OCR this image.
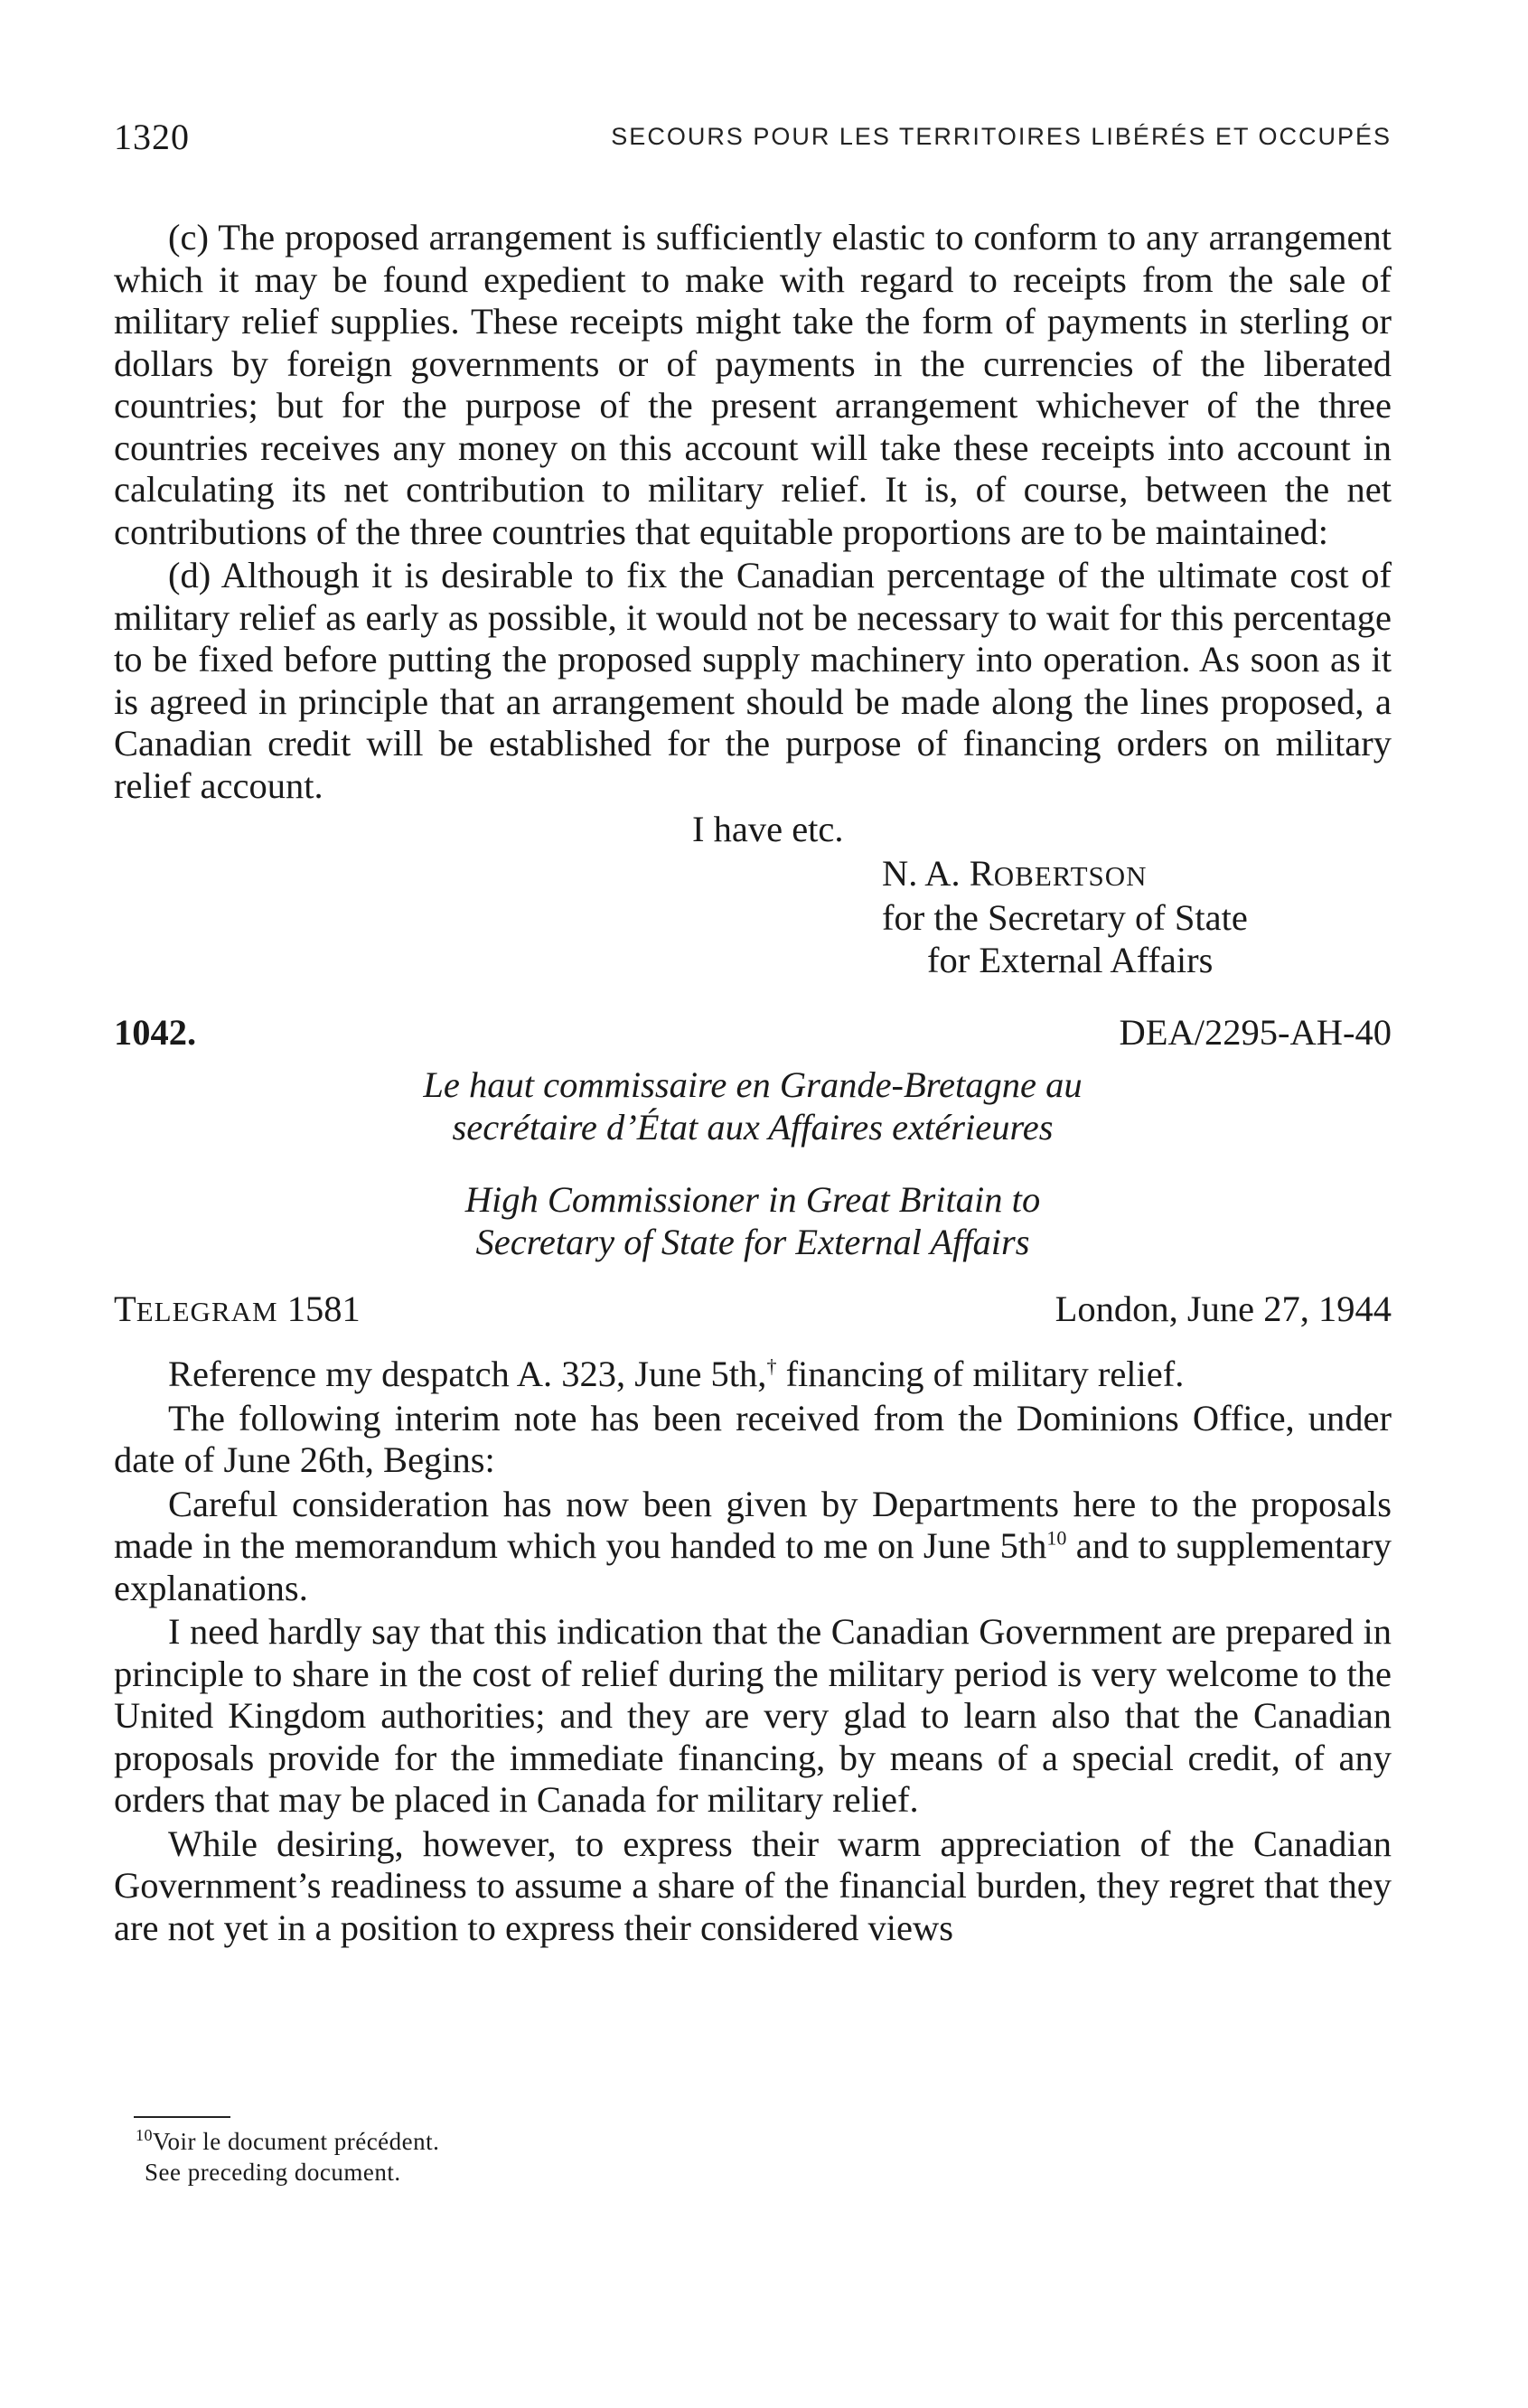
1320	SECOURS POUR LES TERRITOIRES LIBÉRÉS ET OCCUPÉS

(c) The proposed arrangement is sufficiently elastic to conform to any arrangement which it may be found expedient to make with regard to receipts from the sale of military relief supplies. These receipts might take the form of payments in sterling or dollars by foreign governments or of payments in the currencies of the liberated countries; but for the purpose of the present arrangement whichever of the three countries receives any money on this account will take these receipts into account in calculating its net contribution to military relief. It is, of course, between the net contributions of the three countries that equitable proportions are to be maintained:

(d) Although it is desirable to fix the Canadian percentage of the ultimate cost of military relief as early as possible, it would not be necessary to wait for this percentage to be fixed before putting the proposed supply machinery into operation. As soon as it is agreed in principle that an arrangement should be made along the lines proposed, a Canadian credit will be established for the purpose of financing orders on military relief account.

I have etc.
N. A. ROBERTSON
for the Secretary of State
for External Affairs
1042.	DEA/2295-AH-40
Le haut commissaire en Grande-Bretagne au
secrétaire d’État aux Affaires extérieures
High Commissioner in Great Britain to
Secretary of State for External Affairs
TELEGRAM 1581	London, June 27, 1944

Reference my despatch A. 323, June 5th,† financing of military relief.

The following interim note has been received from the Dominions Office, under date of June 26th, Begins:

Careful consideration has now been given by Departments here to the proposals made in the memorandum which you handed to me on June $5th^{10}$ and to supplementary explanations.

I need hardly say that this indication that the Canadian Government are prepared in principle to share in the cost of relief during the military period is very welcome to the United Kingdom authorities; and they are very glad to learn also that the Canadian proposals provide for the immediate financing, by means of a special credit, of any orders that may be placed in Canada for military relief.

While desiring, however, to express their warm appreciation of the Canadian Government’s readiness to assume a share of the financial burden, they regret that they are not yet in a position to express their considered views

$^{10}$Voir le document précédent.
See preceding document.
